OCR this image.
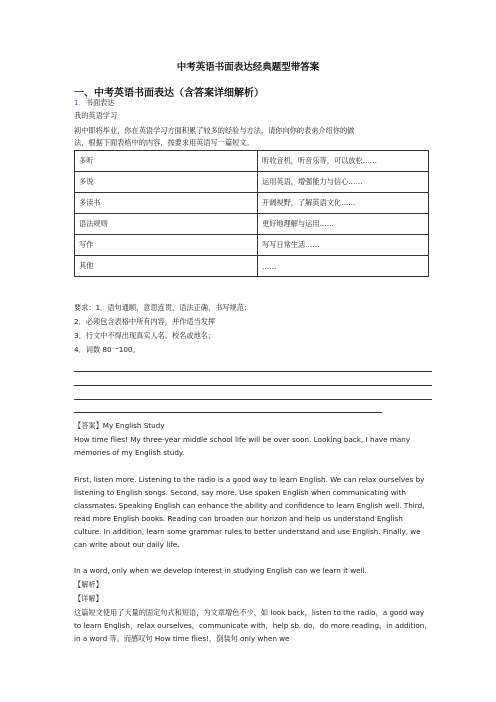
中考英语书面表达经典题型带答案
一、中考英语书面表达（含答案详细解析）
1．书面表达
我的英语学习
初中即将毕业，你在英语学习方面积累了较多的经验与方法，请你向你的表弟介绍你的做
法，根据下面表格中的内容，按要求用英语写一篇短文。
多听	听收音机，听音乐等，可以放松……
多说	运用英语，增强能力与信心……
多读书	开阔视野，了解英语文化……
语法规则	更好地理解与运用……
写作	写写日常生活……
其他	……
要求：1．语句通顺，意思连贯，语法正确，书写规范；
2．必须包含表格中所有内容，并作适当发挥
3．行文中不得出现真实人名、校名或地名；
4．词数 80一100。
【答案】My English Study
How time flies! My three-year middle school life will be over soon. Looking back, I have many memories of my English study.
First, listen more. Listening to the radio is a good way to learn English. We can relax ourselves by listening to English songs. Second, say more. Use spoken English when communicating with classmates. Speaking English can enhance the ability and confidence to learn English well. Third, read more English books. Reading can broaden our horizon and help us understand English culture. In addition, learn some grammar rules to better understand and use English. Finally, we can write about our daily life.
In a word, only when we develop interest in studying English can we learn it well.
【解析】
【详解】
这篇短文使用了大量的固定句式和短语，为文章增色不少，如 look back，listen to the radio，a good way to learn English，relax ourselves，communicate with，help sb. do，do more reading，in addition，in a word 等。而感叹句 How time flies!，倒装句 only when we
